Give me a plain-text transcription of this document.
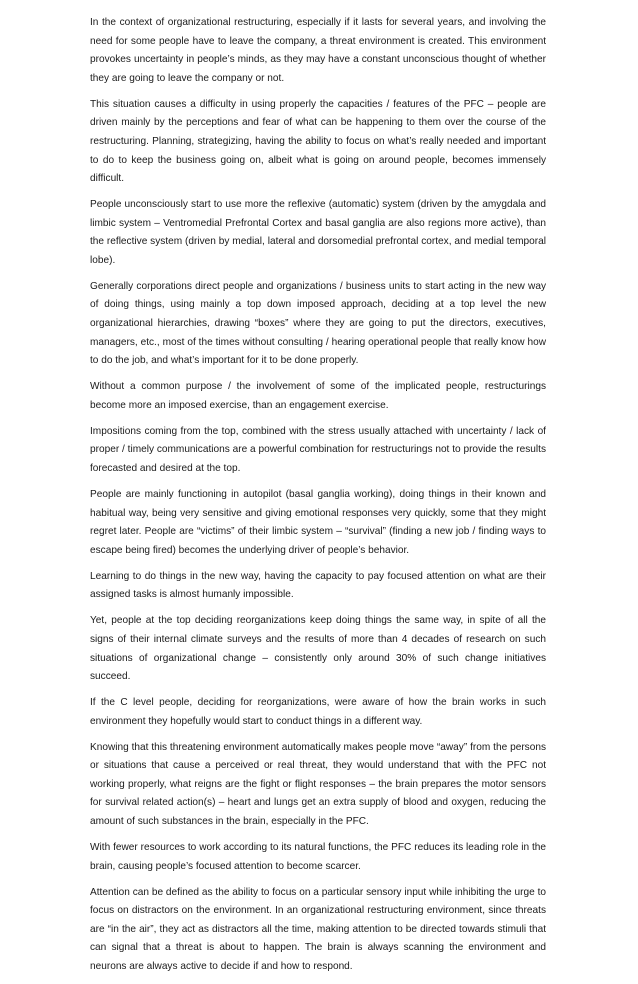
In the context of organizational restructuring, especially if it lasts for several years, and involving the need for some people have to leave the company, a threat environment is created. This environment provokes uncertainty in people’s minds, as they may have a constant unconscious thought of whether they are going to leave the company or not.

This situation causes a difficulty in using properly the capacities / features of the PFC – people are driven mainly by the perceptions and fear of what can be happening to them over the course of the restructuring. Planning, strategizing, having the ability to focus on what’s really needed and important to do to keep the business going on, albeit what is going on around people, becomes immensely difficult.

People unconsciously start to use more the reflexive (automatic) system (driven by the amygdala and limbic system – Ventromedial Prefrontal Cortex and basal ganglia are also regions more active), than the reflective system (driven by medial, lateral and dorsomedial prefrontal cortex, and medial temporal lobe).

Generally corporations direct people and organizations / business units to start acting in the new way of doing things, using mainly a top down imposed approach, deciding at a top level the new organizational hierarchies, drawing “boxes” where they are going to put the directors, executives, managers, etc., most of the times without consulting / hearing operational people that really know how to do the job, and what’s important for it to be done properly.

Without a common purpose / the involvement of some of the implicated people, restructurings become more an imposed exercise, than an engagement exercise.

Impositions coming from the top, combined with the stress usually attached with uncertainty / lack of proper / timely communications are a powerful combination for restructurings not to provide the results forecasted and desired at the top.

People are mainly functioning in autopilot (basal ganglia working), doing things in their known and habitual way, being very sensitive and giving emotional responses very quickly, some that they might regret later. People are “victims” of their limbic system – “survival” (finding a new job / finding ways to escape being fired) becomes the underlying driver of people’s behavior.

Learning to do things in the new way, having the capacity to pay focused attention on what are their assigned tasks is almost humanly impossible.

Yet, people at the top deciding reorganizations keep doing things the same way, in spite of all the signs of their internal climate surveys and the results of more than 4 decades of research on such situations of organizational change – consistently only around 30% of such change initiatives succeed.

If the C level people, deciding for reorganizations, were aware of how the brain works in such environment they hopefully would start to conduct things in a different way.

Knowing that this threatening environment automatically makes people move “away” from the persons or situations that cause a perceived or real threat, they would understand that with the PFC not working properly, what reigns are the fight or flight responses – the brain prepares the motor sensors for survival related action(s) – heart and lungs get an extra supply of blood and oxygen, reducing the amount of such substances in the brain, especially in the PFC.

With fewer resources to work according to its natural functions, the PFC reduces its leading role in the brain, causing people’s focused attention to become scarcer.

Attention can be defined as the ability to focus on a particular sensory input while inhibiting the urge to focus on distractors on the environment. In an organizational restructuring environment, since threats are “in the air”, they act as distractors all the time, making attention to be directed towards stimuli that can signal that a threat is about to happen. The brain is always scanning the environment and neurons are always active to decide if and how to respond.
